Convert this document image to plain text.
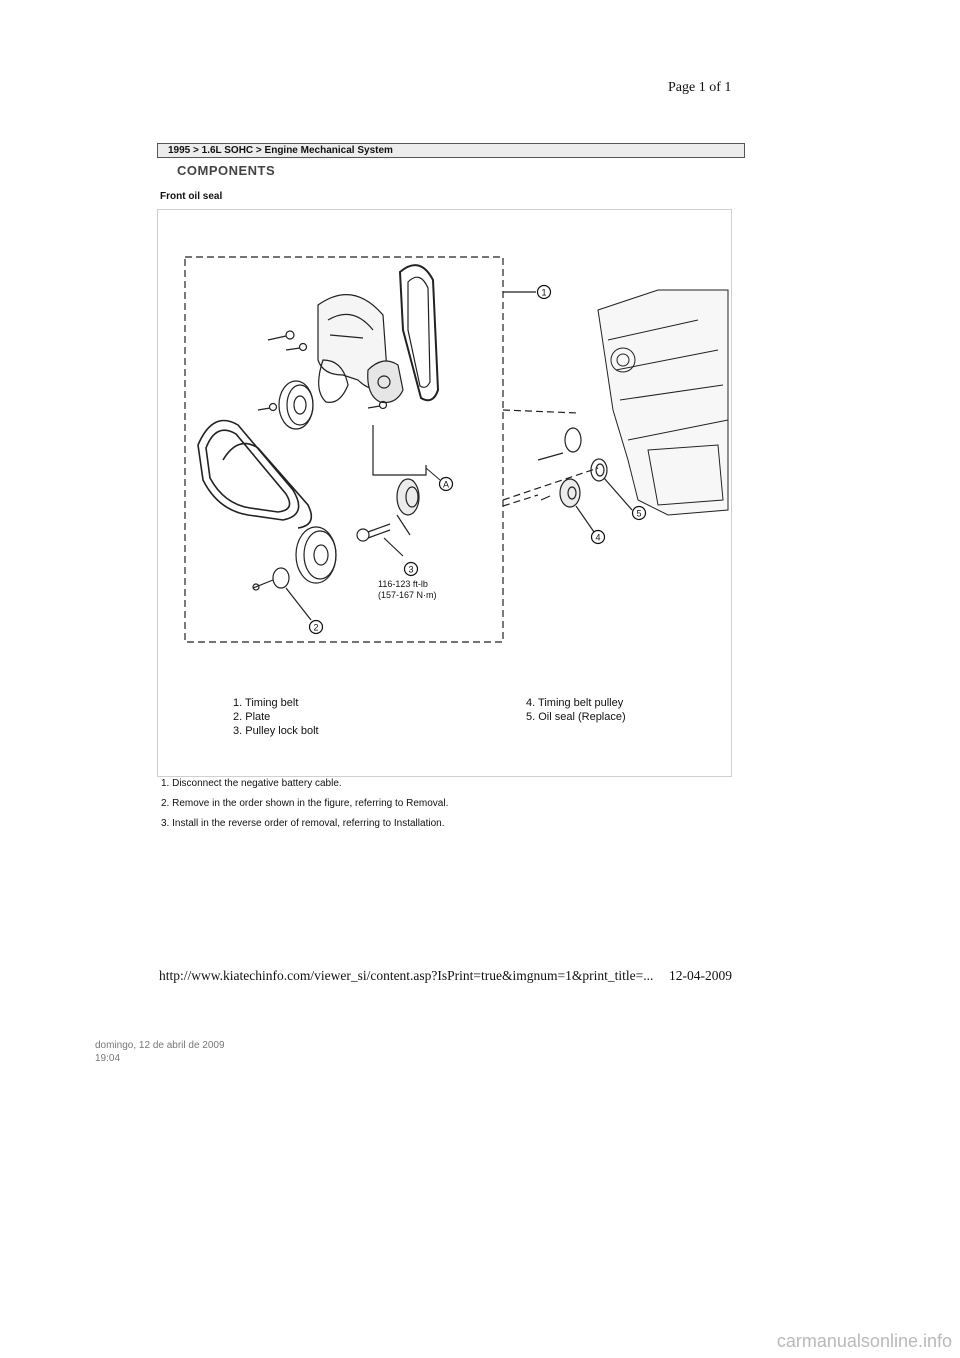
Page 1 of 1
1995 > 1.6L SOHC > Engine Mechanical System
COMPONENTS
Front oil seal
1
2
3
4
5
A
116-123 ft-lb
(157-167 N·m)
1. Timing belt
2. Plate
3. Pulley lock bolt
4. Timing belt pulley
5. Oil seal (Replace)
1. Disconnect the negative battery cable.
2. Remove in the order shown in the figure, referring to Removal.
3. Install in the reverse order of removal, referring to Installation.
http://www.kiatechinfo.com/viewer_si/content.asp?IsPrint=true&imgnum=1&print_title=... 12-04-2009
domingo, 12 de abril de 2009
19:04
carmanualsonline.info
